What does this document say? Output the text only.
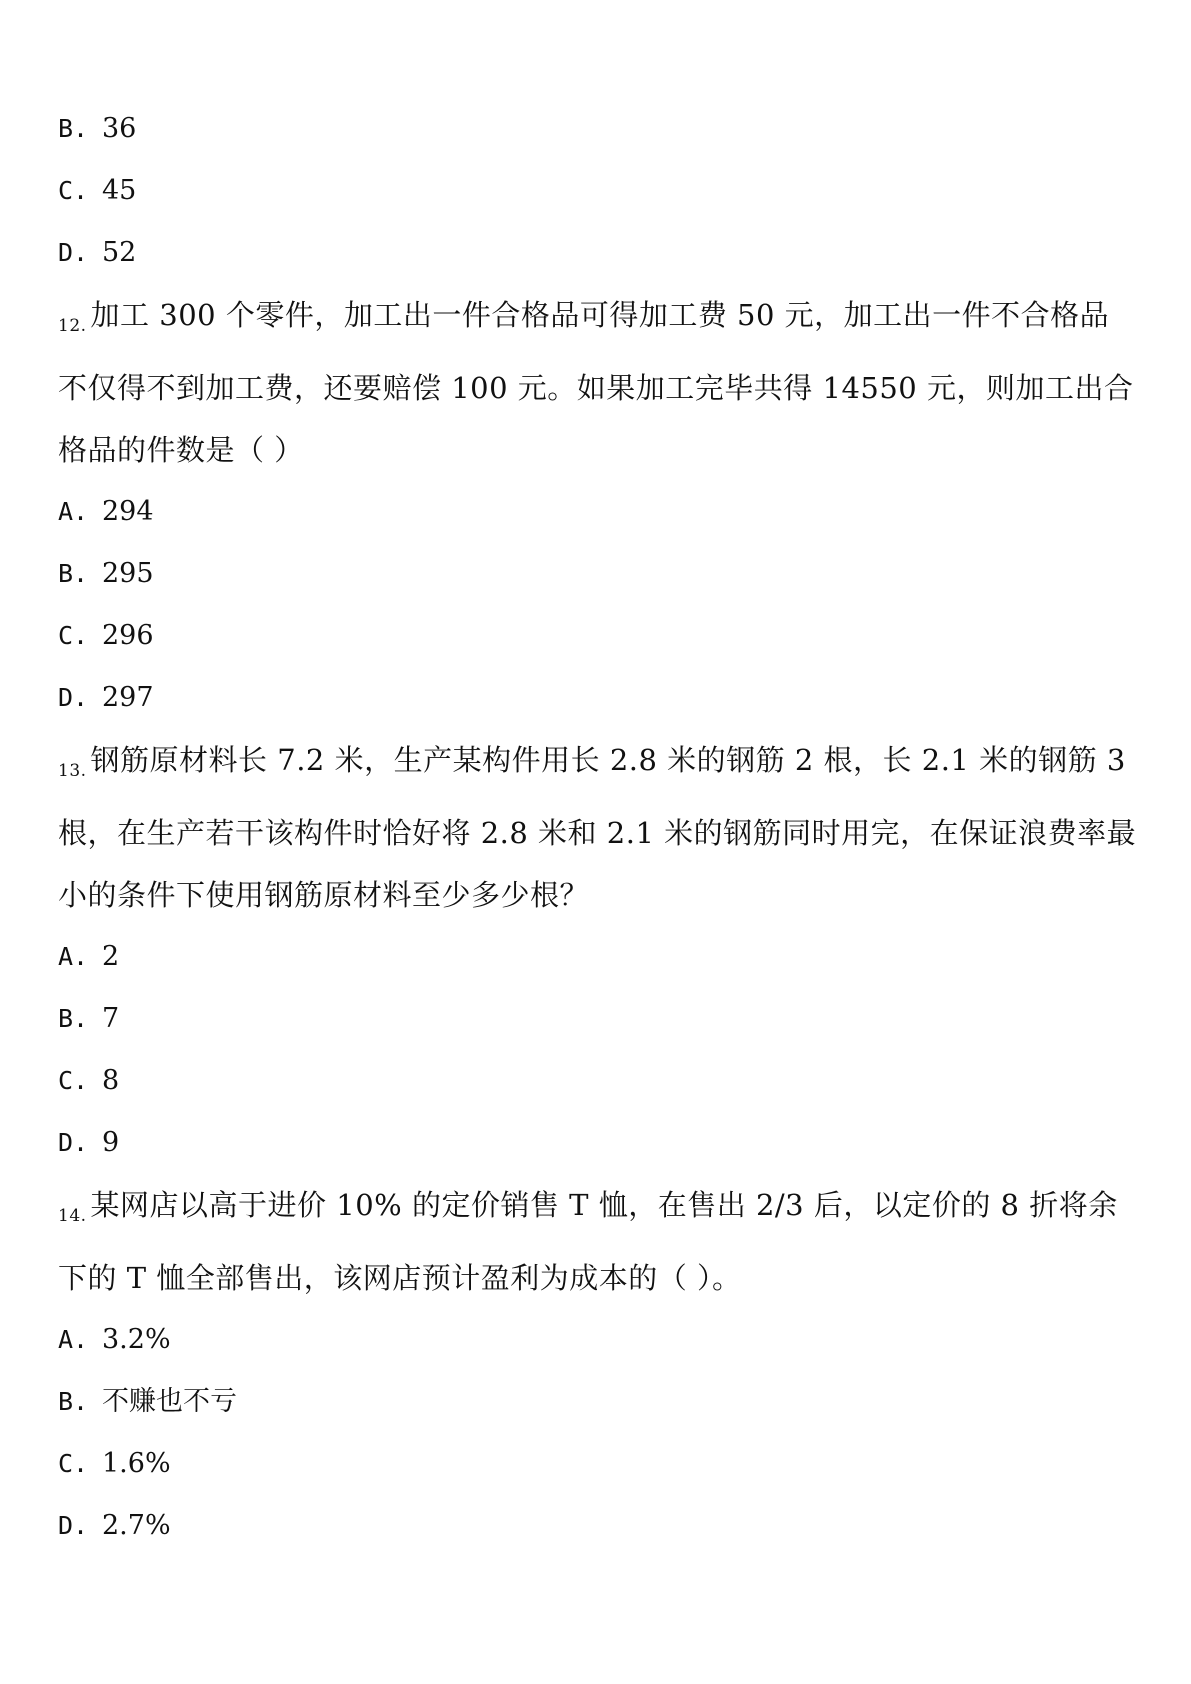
B. 36
C. 45
D. 52
$_{12.}$ 加工 300 个零件，加工出一件合格品可得加工费 50 元，加工出一件不合格品不仅得不到加工费，还要赔偿 100 元。如果加工完毕共得 14550 元，则加工出合格品的件数是（ ）
A. 294
B. 295
C. 296
D. 297
$_{13.}$ 钢筋原材料长 7.2 米，生产某构件用长 2.8 米的钢筋 2 根，长 2.1 米的钢筋 3 根，在生产若干该构件时恰好将 2.8 米和 2.1 米的钢筋同时用完，在保证浪费率最小的条件下使用钢筋原材料至少多少根？
A. 2
B. 7
C. 8
D. 9
$_{14.}$ 某网店以高于进价 10% 的定价销售 T 恤，在售出 2/3 后，以定价的 8 折将余下的 T 恤全部售出，该网店预计盈利为成本的（ ）。
A. 3.2%
B. 不赚也不亏
C. 1.6%
D. 2.7%
